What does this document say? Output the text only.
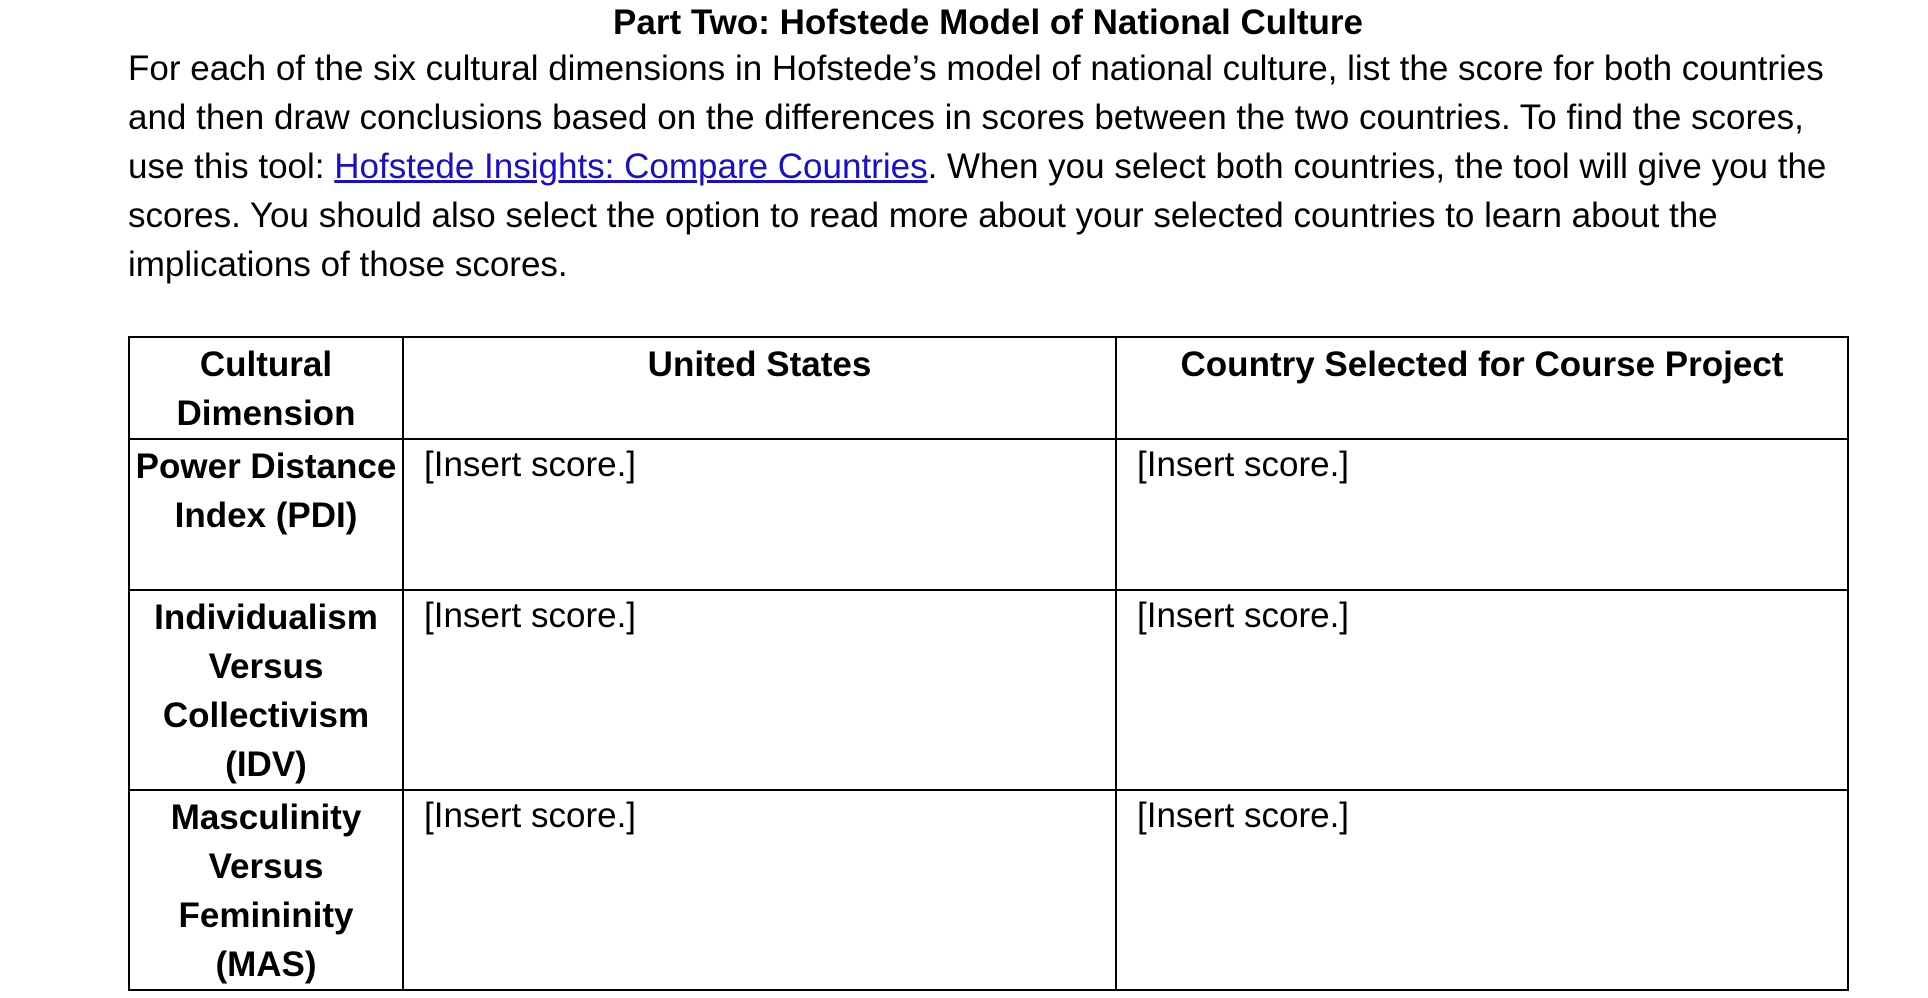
Part Two: Hofstede Model of National Culture

For each of the six cultural dimensions in Hofstede’s model of national culture, list the score for both countries and then draw conclusions based on the differences in scores between the two countries. To find the scores, use this tool: Hofstede Insights: Compare Countries. When you select both countries, the tool will give you the scores. You should also select the option to read more about your selected countries to learn about the implications of those scores.

Cultural Dimension	United States	Country Selected for Course Project
Power Distance Index (PDI)	[Insert score.]	[Insert score.]
Individualism Versus Collectivism (IDV)	[Insert score.]	[Insert score.]
Masculinity Versus Femininity (MAS)	[Insert score.]	[Insert score.]
